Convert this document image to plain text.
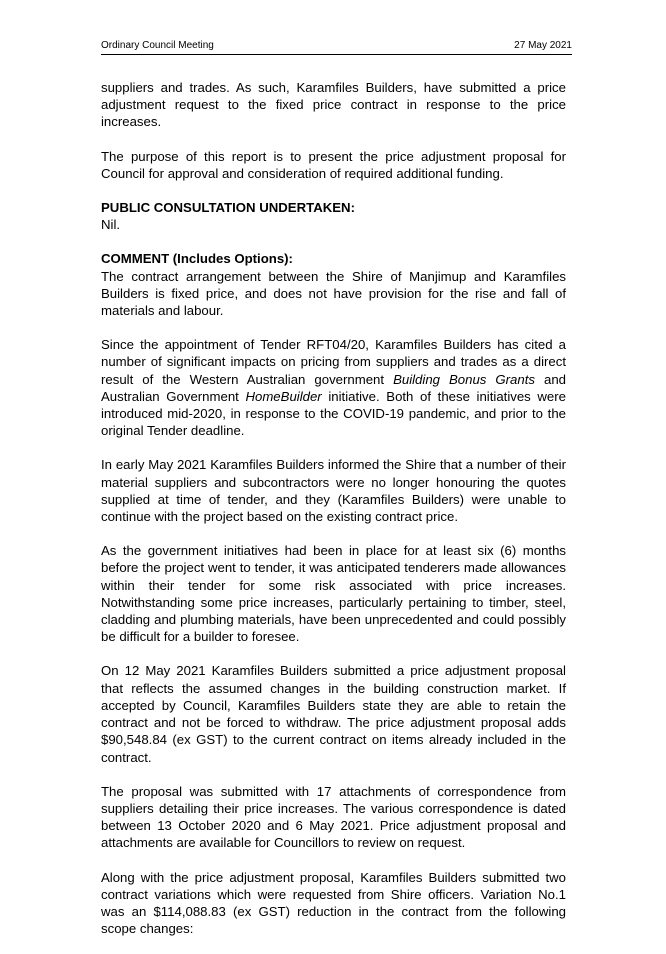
Ordinary Council Meeting	27 May 2021

suppliers and trades. As such, Karamfiles Builders, have submitted a price adjustment request to the fixed price contract in response to the price increases.

The purpose of this report is to present the price adjustment proposal for Council for approval and consideration of required additional funding.

PUBLIC CONSULTATION UNDERTAKEN:

Nil.

COMMENT (Includes Options):

The contract arrangement between the Shire of Manjimup and Karamfiles Builders is fixed price, and does not have provision for the rise and fall of materials and labour.

Since the appointment of Tender RFT04/20, Karamfiles Builders has cited a number of significant impacts on pricing from suppliers and trades as a direct result of the Western Australian government Building Bonus Grants and Australian Government HomeBuilder initiative. Both of these initiatives were introduced mid-2020, in response to the COVID-19 pandemic, and prior to the original Tender deadline.

In early May 2021 Karamfiles Builders informed the Shire that a number of their material suppliers and subcontractors were no longer honouring the quotes supplied at time of tender, and they (Karamfiles Builders) were unable to continue with the project based on the existing contract price.

As the government initiatives had been in place for at least six (6) months before the project went to tender, it was anticipated tenderers made allowances within their tender for some risk associated with price increases. Notwithstanding some price increases, particularly pertaining to timber, steel, cladding and plumbing materials, have been unprecedented and could possibly be difficult for a builder to foresee.

On 12 May 2021 Karamfiles Builders submitted a price adjustment proposal that reflects the assumed changes in the building construction market. If accepted by Council, Karamfiles Builders state they are able to retain the contract and not be forced to withdraw. The price adjustment proposal adds $90,548.84 (ex GST) to the current contract on items already included in the contract.

The proposal was submitted with 17 attachments of correspondence from suppliers detailing their price increases. The various correspondence is dated between 13 October 2020 and 6 May 2021. Price adjustment proposal and attachments are available for Councillors to review on request.

Along with the price adjustment proposal, Karamfiles Builders submitted two contract variations which were requested from Shire officers. Variation No.1 was an $114,088.83 (ex GST) reduction in the contract from the following scope changes:
